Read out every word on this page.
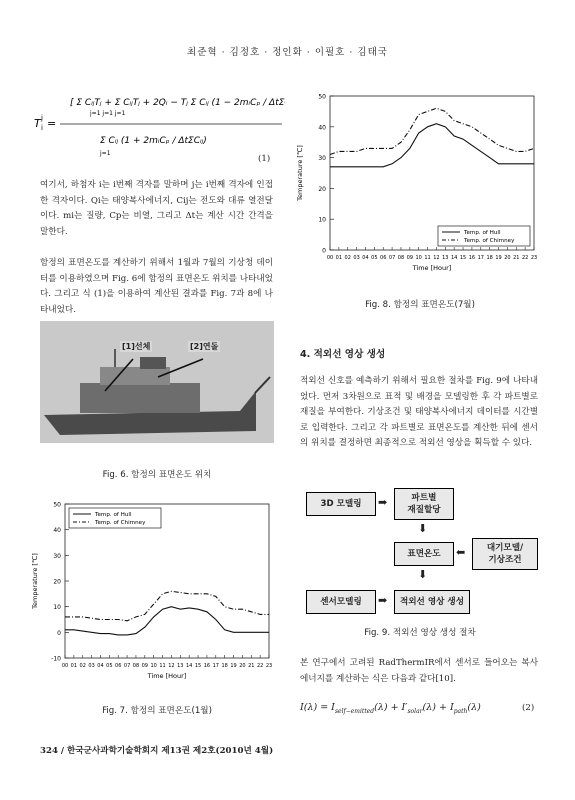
최준혁 · 김정호 · 정인화 · 이필호 · 김태국
T i
j =
[ Σ CᵢⱼTⱼ + Σ CᵢⱼTⱼ + 2Qᵢ − Tⱼ Σ Cᵢⱼ (1 − 2mᵢCₚ / ΔtΣCᵢⱼ) ]
j=1 j=1 j=1
Σ Cᵢⱼ (1 + 2mᵢCₚ / ΔtΣCᵢⱼ)
j=1
(1)
여기서, 하첨자 i는 i번째 격자를 말하며 j는 i번째 격자에 인접한 격자이다. Qi는 태양복사에너지, Cij는 전도와 대류 열전달이다. mi는 질량, Cp는 비열, 그리고 Δt는 계산 시간 간격을 말한다.
함정의 표면온도를 계산하기 위해서 1월과 7월의 기상청 데이터를 이용하였으며 Fig. 6에 함정의 표면온도 위치를 나타내었다. 그리고 식 (1)을 이용하여 계산된 결과를 Fig. 7과 8에 나타내었다.
[1]선체	[2]연돌
Fig. 6. 함정의 표면온도 위치
-10
0
10
20
30
40
50
00 01 02 03 04 05 06 07 08 09 10 11 12 13 14 15 16 17 18 19 20 21 22 23
Time [Hour]
Temperature [℃]
Temp. of Hull
Temp. of Chimney
Fig. 7. 함정의 표면온도(1월)
0
10
20
30
40
50
00 01 02 03 04 05 06 07 08 09 10 11 12 13 14 15 16 17 18 19 20 21 22 23
Time [Hour]
Temperature [℃]
Temp. of Hull
Temp. of Chimney
Fig. 8. 함정의 표면온도(7월)
4. 적외선 영상 생성
적외선 신호를 예측하기 위해서 필요한 절차를 Fig. 9에 나타내었다. 먼저 3차원으로 표적 및 배경을 모델링한 후 각 파트별로 재질을 부여한다. 기상조건 및 태양복사에너지 데이터를 시간별로 입력한다. 그리고 각 파트별로 표면온도를 계산한 뒤에 센서의 위치를 결정하면 최종적으로 적외선 영상을 획득할 수 있다.
3D 모델링	➡	파트별
재질할당
⬇
표면온도	⬅	대기모델/
기상조건
⬇
센서모델링	➡	적외선 영상 생성
Fig. 9. 적외선 영상 생성 절차
본 연구에서 고려된 RadThermIR에서 센서로 들어오는 복사에너지를 계산하는 식은 다음과 같다[10].
$I(\lambda) = I_{self-emitted}(\lambda) + I'_{solar}(\lambda) + I_{path}(\lambda)$	(2)
324 / 한국군사과학기술학회지 제13권 제2호(2010년 4월)
